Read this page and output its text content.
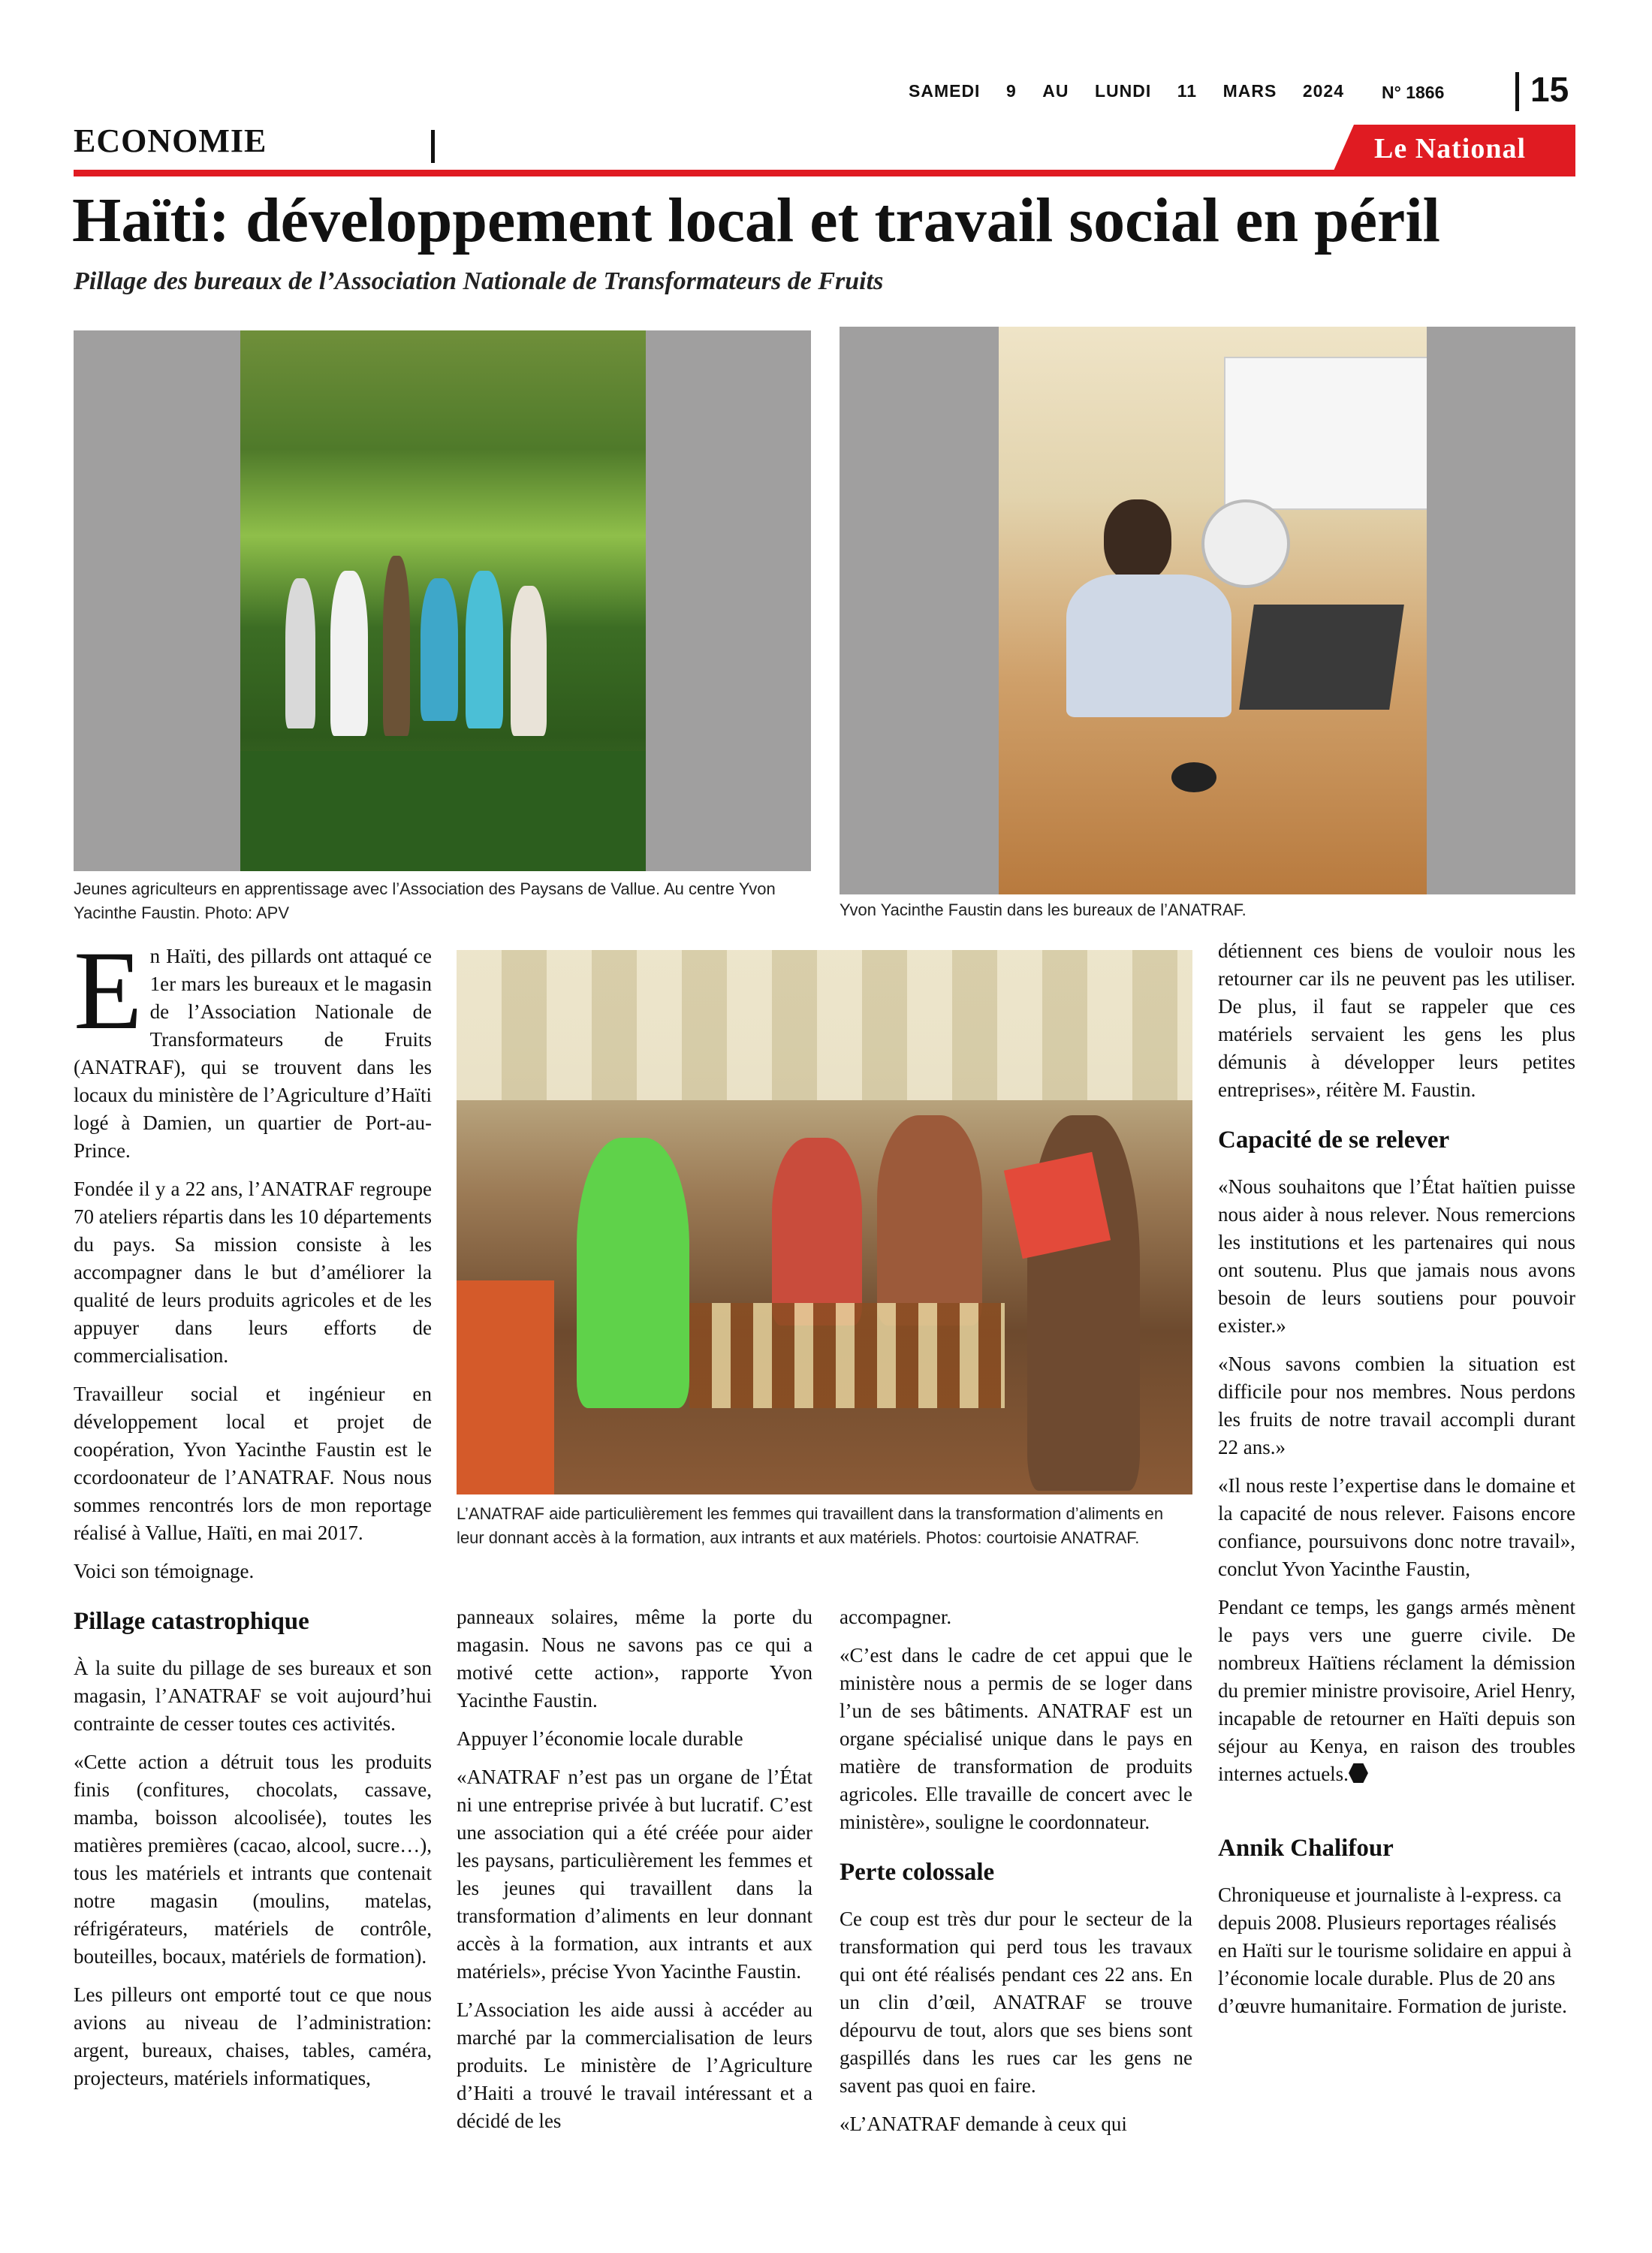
SAMEDI 9 AU LUNDI 11 MARS 2024 N° 1866 15
ECONOMIE	Le National
Haïti: développement local et travail social en péril
Pillage des bureaux de l’Association Nationale de Transformateurs de Fruits
Jeunes agriculteurs en apprentissage avec l’Association des Paysans de Vallue. Au centre Yvon Yacinthe Faustin. Photo: APV	Yvon Yacinthe Faustin dans les bureaux de l’ANATRAF.
L’ANATRAF aide particulièrement les femmes qui travaillent dans la transformation d’aliments en leur donnant accès à la formation, aux intrants et aux matériels. Photos: courtoisie ANATRAF.

En Haïti, des pillards ont attaqué ce 1er mars les bureaux et le magasin de l’Association Nationale de Transformateurs de Fruits (ANATRAF), qui se trouvent dans les locaux du ministère de l’Agriculture d’Haïti logé à Damien, un quartier de Port-au-Prince.

Fondée il y a 22 ans, l’ANATRAF regroupe 70 ateliers répartis dans les 10 départements du pays. Sa mission consiste à les accompagner dans le but d’améliorer la qualité de leurs produits agricoles et de les appuyer dans leurs efforts de commercialisation.

Travailleur social et ingénieur en développement local et projet de coopération, Yvon Yacinthe Faustin est le ccordoonateur de l’ANATRAF. Nous nous sommes rencontrés lors de mon reportage réalisé à Vallue, Haïti, en mai 2017.

Voici son témoignage.

Pillage catastrophique

À la suite du pillage de ses bureaux et son magasin, l’ANATRAF se voit aujourd’hui contrainte de cesser toutes ces activités.

«Cette action a détruit tous les produits finis (confitures, chocolats, cassave, mamba, boisson alcoolisée), toutes les matières premières (cacao, alcool, sucre…), tous les matériels et intrants que contenait notre magasin (moulins, matelas, réfrigérateurs, matériels de contrôle, bouteilles, bocaux, matériels de formation).

Les pilleurs ont emporté tout ce que nous avions au niveau de l’administration: argent, bureaux, chaises, tables, caméra, projecteurs, matériels informatiques,

panneaux solaires, même la porte du magasin. Nous ne savons pas ce qui a motivé cette action», rapporte Yvon Yacinthe Faustin.

Appuyer l’économie locale durable

«ANATRAF n’est pas un organe de l’État ni une entreprise privée à but lucratif. C’est une association qui a été créée pour aider les paysans, particulièrement les femmes et les jeunes qui travaillent dans la transformation d’aliments en leur donnant accès à la formation, aux intrants et aux matériels», précise Yvon Yacinthe Faustin.

L’Association les aide aussi à accéder au marché par la commercialisation de leurs produits. Le ministère de l’Agriculture d’Haiti a trouvé le travail intéressant et a décidé de les

accompagner.

«C’est dans le cadre de cet appui que le ministère nous a permis de se loger dans l’un de ses bâtiments. ANATRAF est un organe spécialisé unique dans le pays en matière de transformation de produits agricoles. Elle travaille de concert avec le ministère», souligne le coordonnateur.

Perte colossale

Ce coup est très dur pour le secteur de la transformation qui perd tous les travaux qui ont été réalisés pendant ces 22 ans. En un clin d’œil, ANATRAF se trouve dépourvu de tout, alors que ses biens sont gaspillés dans les rues car les gens ne savent pas quoi en faire.

«L’ANATRAF demande à ceux qui

détiennent ces biens de vouloir nous les retourner car ils ne peuvent pas les utiliser. De plus, il faut se rappeler que ces matériels servaient les gens les plus démunis à développer leurs petites entreprises», réitère M. Faustin.

Capacité de se relever

«Nous souhaitons que l’État haïtien puisse nous aider à nous relever. Nous remercions les institutions et les partenaires qui nous ont soutenu. Plus que jamais nous avons besoin de leurs soutiens pour pouvoir exister.»

«Nous savons combien la situation est difficile pour nos membres. Nous perdons les fruits de notre travail accompli durant 22 ans.»

«Il nous reste l’expertise dans le domaine et la capacité de nous relever. Faisons encore confiance, poursuivons donc notre travail», conclut Yvon Yacinthe Faustin,

Pendant ce temps, les gangs armés mènent le pays vers une guerre civile. De nombreux Haïtiens réclament la démission du premier ministre provisoire, Ariel Henry, incapable de retourner en Haïti depuis son séjour au Kenya, en raison des troubles internes actuels.

Annik Chalifour

Chroniqueuse et journaliste à l-express. ca depuis 2008. Plusieurs reportages réalisés en Haïti sur le tourisme solidaire en appui à l’économie locale durable. Plus de 20 ans d’œuvre humanitaire. Formation de juriste.
